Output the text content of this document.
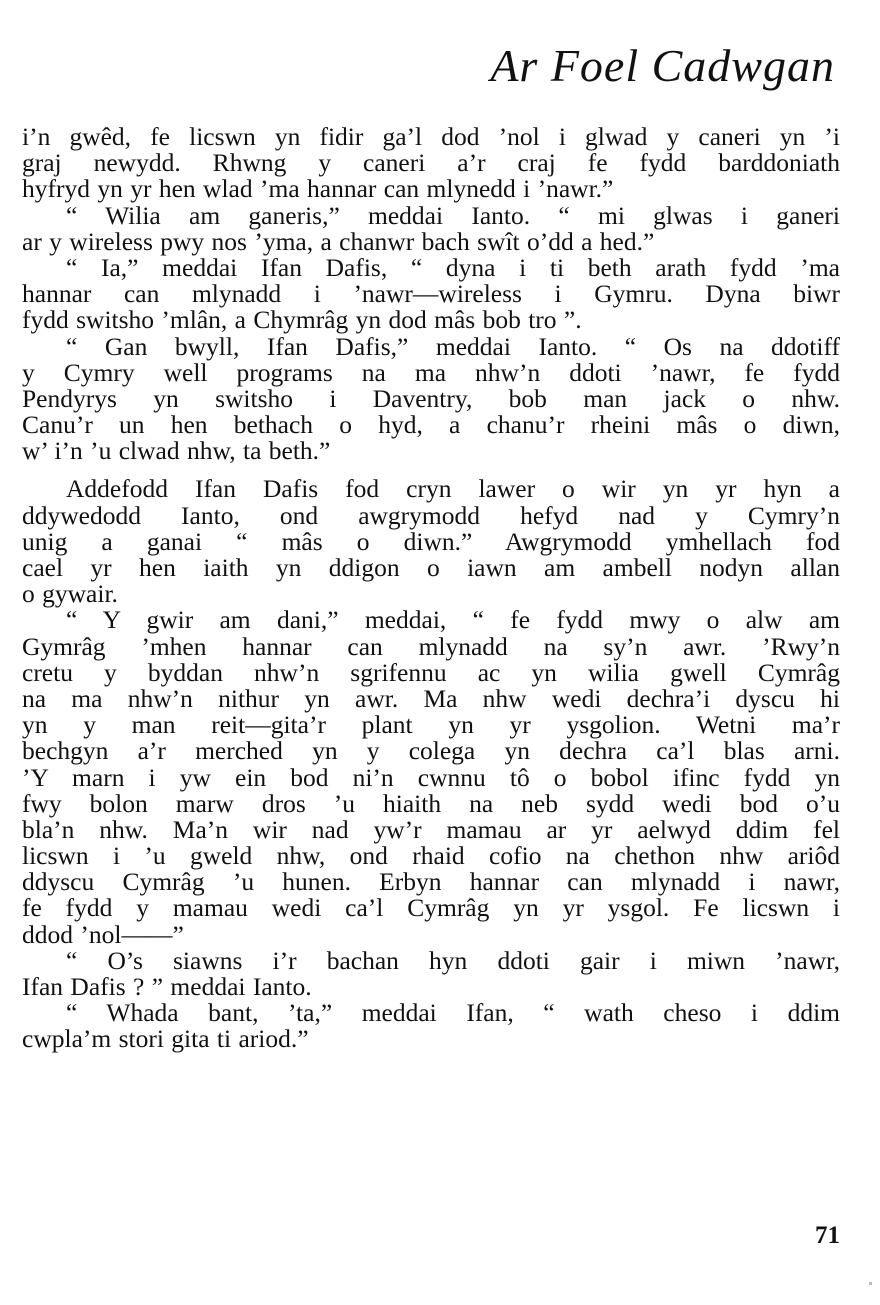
Ar Foel Cadwgan
i’n gwêd, fe licswn yn fidir ga’l dod ’nol i glwad y caneri yn ’i
graj newydd. Rhwng y caneri a’r craj fe fydd barddoniath
hyfryd yn yr hen wlad ’ma hannar can mlynedd i ’nawr.”
“ Wilia am ganeris,” meddai Ianto. “ mi glwas i ganeri
ar y wireless pwy nos ’yma, a chanwr bach swît o’dd a hed.”
“ Ia,” meddai Ifan Dafis, “ dyna i ti beth arath fydd ’ma
hannar can mlynadd i ’nawr—wireless i Gymru. Dyna biwr
fydd switsho ’mlân, a Chymrâg yn dod mâs bob tro ”.
“ Gan bwyll, Ifan Dafis,” meddai Ianto. “ Os na ddotiff
y Cymry well programs na ma nhw’n ddoti ’nawr, fe fydd
Pendyrys yn switsho i Daventry, bob man jack o nhw.
Canu’r un hen bethach o hyd, a chanu’r rheini mâs o diwn,
w’ i’n ’u clwad nhw, ta beth.”
Addefodd Ifan Dafis fod cryn lawer o wir yn yr hyn a
ddywedodd Ianto, ond awgrymodd hefyd nad y Cymry’n
unig a ganai “ mâs o diwn.” Awgrymodd ymhellach fod
cael yr hen iaith yn ddigon o iawn am ambell nodyn allan
o gywair.
“ Y gwir am dani,” meddai, “ fe fydd mwy o alw am
Gymrâg ’mhen hannar can mlynadd na sy’n awr. ’Rwy’n
cretu y byddan nhw’n sgrifennu ac yn wilia gwell Cymrâg
na ma nhw’n nithur yn awr. Ma nhw wedi dechra’i dyscu hi
yn y man reit—gita’r plant yn yr ysgolion. Wetni ma’r
bechgyn a’r merched yn y colega yn dechra ca’l blas arni.
’Y marn i yw ein bod ni’n cwnnu tô o bobol ifinc fydd yn
fwy bolon marw dros ’u hiaith na neb sydd wedi bod o’u
bla’n nhw. Ma’n wir nad yw’r mamau ar yr aelwyd ddim fel
licswn i ’u gweld nhw, ond rhaid cofio na chethon nhw ariôd
ddyscu Cymrâg ’u hunen. Erbyn hannar can mlynadd i nawr,
fe fydd y mamau wedi ca’l Cymrâg yn yr ysgol. Fe licswn i
ddod ’nol——”
“ O’s siawns i’r bachan hyn ddoti gair i miwn ’nawr,
Ifan Dafis ? ” meddai Ianto.
“ Whada bant, ’ta,” meddai Ifan, “ wath cheso i ddim
cwpla’m stori gita ti ariod.”
71
